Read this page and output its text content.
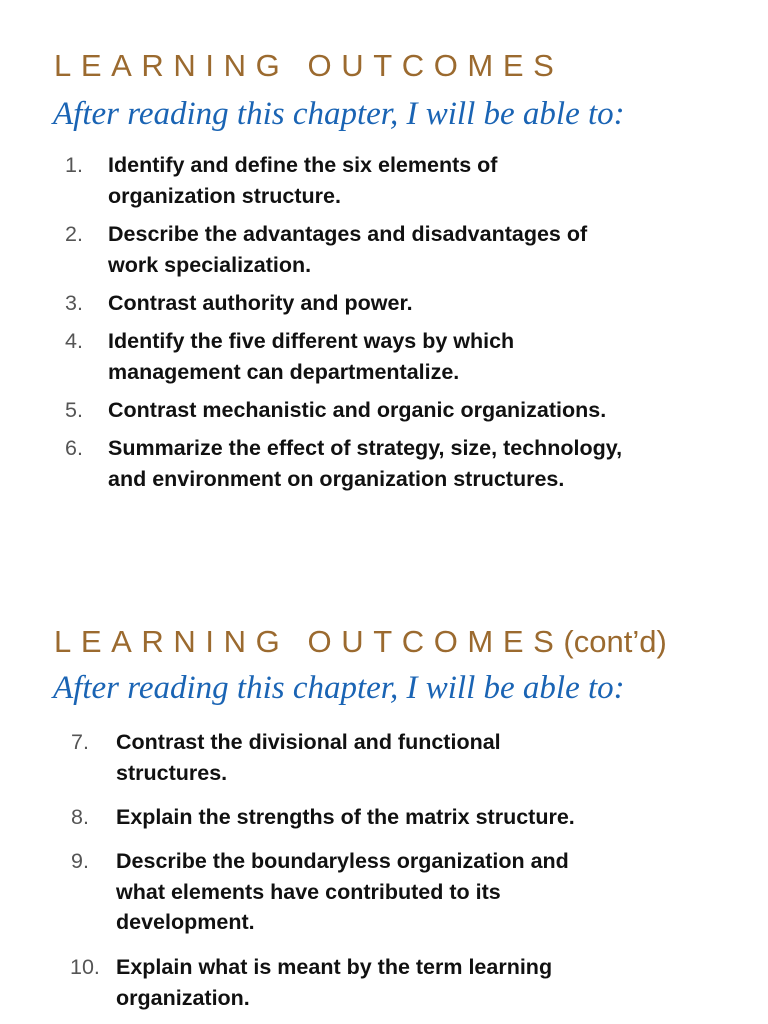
LEARNING OUTCOMES
After reading this chapter, I will be able to:
1. Identify and define the six elements of
organization structure.
2. Describe the advantages and disadvantages of
work specialization.
3. Contrast authority and power.
4. Identify the five different ways by which
management can departmentalize.
5. Contrast mechanistic and organic organizations.
6. Summarize the effect of strategy, size, technology,
and environment on organization structures.
LEARNING OUTCOMES(cont’d)
After reading this chapter, I will be able to:
7. Contrast the divisional and functional
structures.
8. Explain the strengths of the matrix structure.
9. Describe the boundaryless organization and
what elements have contributed to its
development.
10. Explain what is meant by the term learning
organization.
